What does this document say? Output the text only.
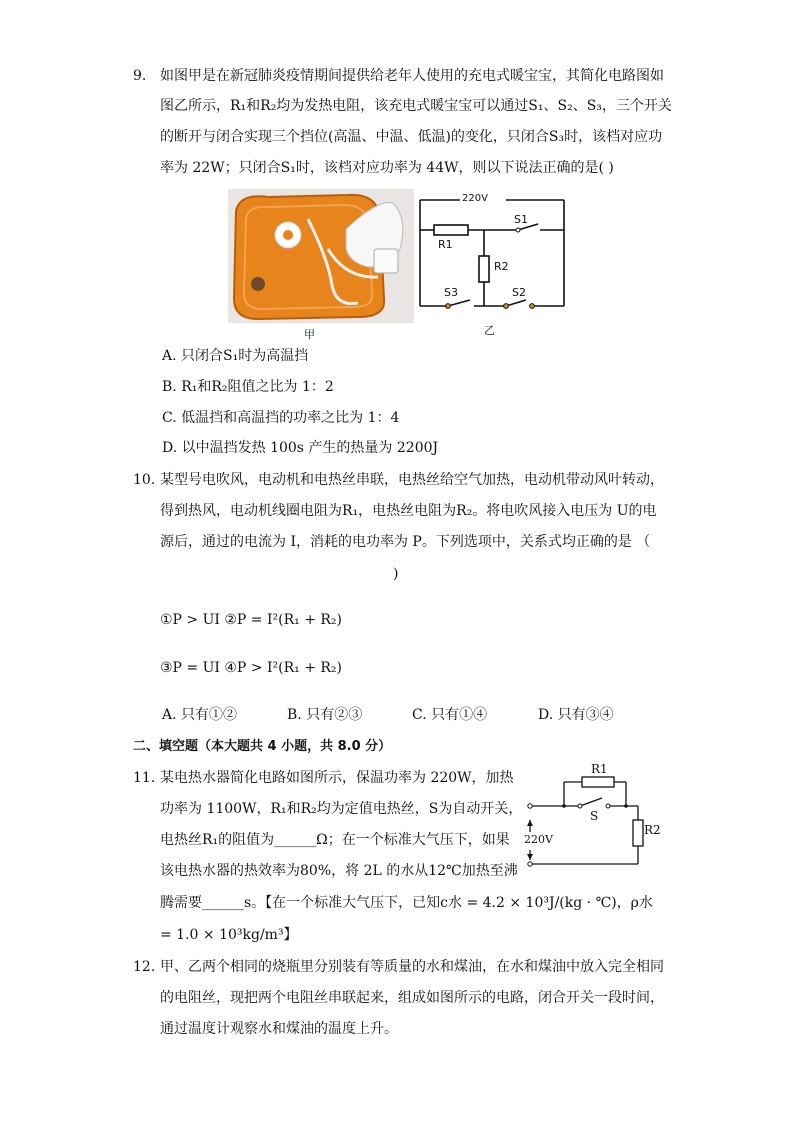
9. 如图甲是在新冠肺炎疫情期间提供给老年人使用的充电式暖宝宝，其简化电路图如
图乙所示，R₁和R₂均为发热电阻，该充电式暖宝宝可以通过S₁、S₂、S₃，三个开关
的断开与闭合实现三个挡位(高温、中温、低温)的变化，只闭合S₃时，该档对应功
率为 22W；只闭合S₁时，该档对应功率为 44W，则以下说法正确的是( )
甲
220V
R1
R2
S1
S3	S2
乙
A. 只闭合S₁时为高温挡
B. R₁和R₂阻值之比为 1：2
C. 低温挡和高温挡的功率之比为 1：4
D. 以中温挡发热 100s 产生的热量为 2200J
10. 某型号电吹风，电动机和电热丝串联，电热丝给空气加热，电动机带动风叶转动，
得到热风，电动机线圈电阻为R₁，电热丝电阻为R₂。将电吹风接入电压为 U的电
源后，通过的电流为 I，消耗的电功率为 P。下列选项中，关系式均正确的是 （
)
①P > UI ②P = I²(R₁ + R₂)
③P = UI ④P > I²(R₁ + R₂)
A. 只有①②	B. 只有②③	C. 只有①④	D. 只有③④
二、填空题（本大题共 4 小题，共 8.0 分）
11. 某电热水器简化电路如图所示，保温功率为 220W，加热
功率为 1100W，R₁和R₂均为定值电热丝，S为自动开关，
电热丝R₁的阻值为______Ω；在一个标准大气压下，如果
该电热水器的热效率为80%，将 2L 的水从12℃加热至沸
腾需要______s。【在一个标准大气压下，已知c水 = 4.2 × 10³J/(kg · ℃)，ρ水
= 1.0 × 10³kg/m³】
R1
R2
S
220V
12. 甲、乙两个相同的烧瓶里分别装有等质量的水和煤油，在水和煤油中放入完全相同
的电阻丝，现把两个电阻丝串联起来，组成如图所示的电路，闭合开关一段时间，
通过温度计观察水和煤油的温度上升。
